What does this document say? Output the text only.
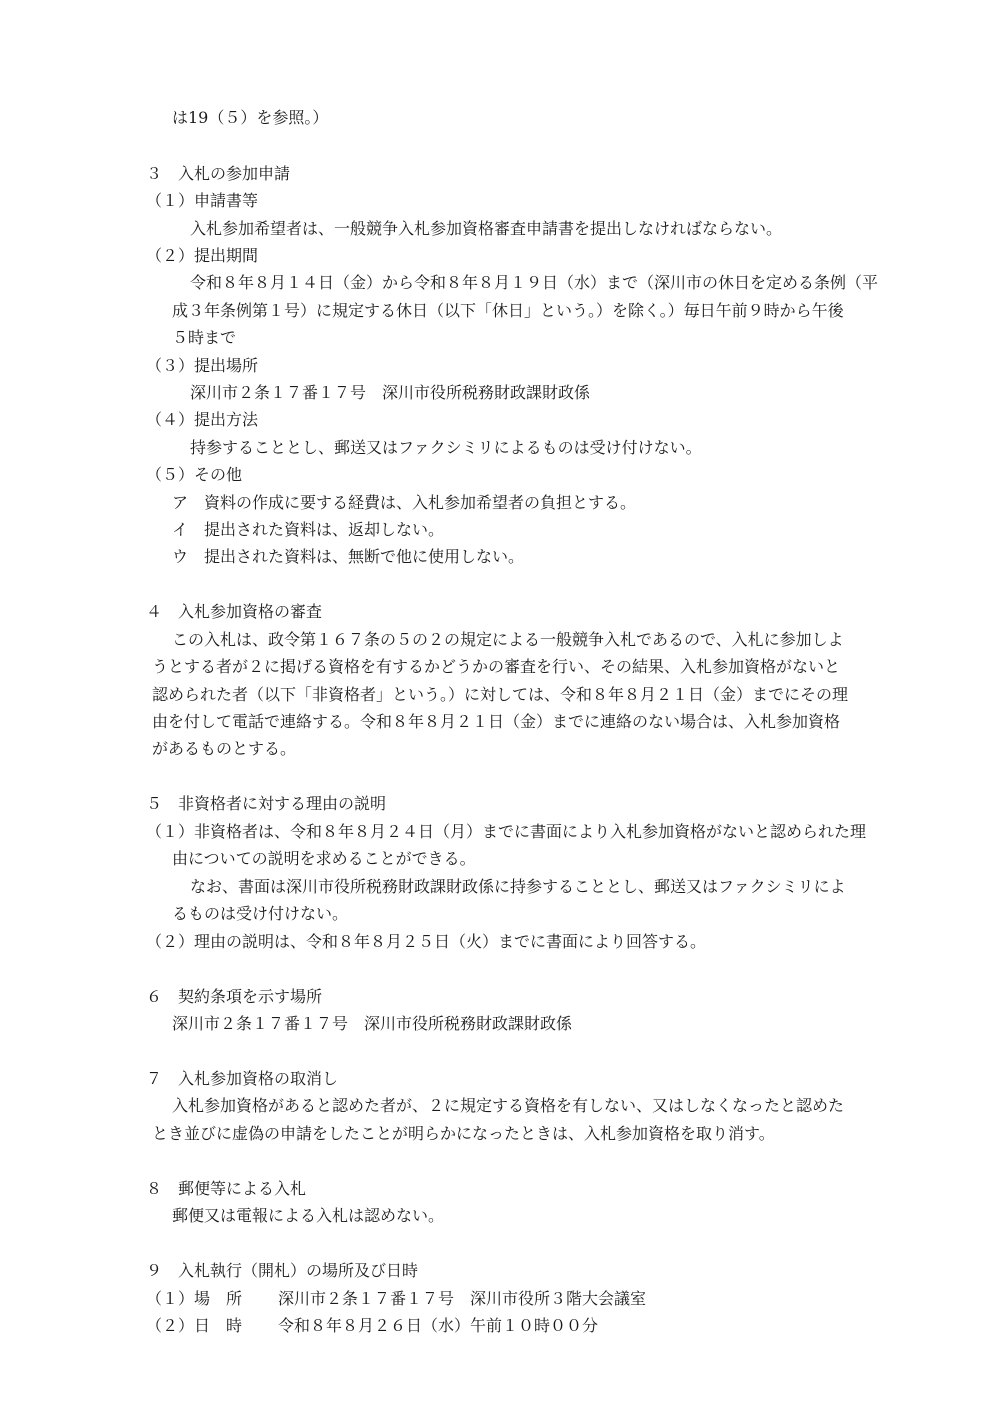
は19（５）を参照。）
３　入札の参加申請
（１）申請書等
入札参加希望者は、一般競争入札参加資格審査申請書を提出しなければならない。
（２）提出期間
令和８年８月１４日（金）から令和８年８月１９日（水）まで（深川市の休日を定める条例（平
成３年条例第１号）に規定する休日（以下「休日」という。）を除く。）毎日午前９時から午後
５時まで
（３）提出場所
深川市２条１７番１７号　深川市役所税務財政課財政係
（４）提出方法
持参することとし、郵送又はファクシミリによるものは受け付けない。
（５）その他
ア　資料の作成に要する経費は、入札参加希望者の負担とする。
イ　提出された資料は、返却しない。
ウ　提出された資料は、無断で他に使用しない。
４　入札参加資格の審査
この入札は、政令第１６７条の５の２の規定による一般競争入札であるので、入札に参加しよ
うとする者が２に掲げる資格を有するかどうかの審査を行い、その結果、入札参加資格がないと
認められた者（以下「非資格者」という。）に対しては、令和８年８月２１日（金）までにその理
由を付して電話で連絡する。令和８年８月２１日（金）までに連絡のない場合は、入札参加資格
があるものとする。
５　非資格者に対する理由の説明
（１）非資格者は、令和８年８月２４日（月）までに書面により入札参加資格がないと認められた理
由についての説明を求めることができる。
なお、書面は深川市役所税務財政課財政係に持参することとし、郵送又はファクシミリによ
るものは受け付けない。
（２）理由の説明は、令和８年８月２５日（火）までに書面により回答する。
６　契約条項を示す場所
深川市２条１７番１７号　深川市役所税務財政課財政係
７　入札参加資格の取消し
入札参加資格があると認めた者が、２に規定する資格を有しない、又はしなくなったと認めた
とき並びに虚偽の申請をしたことが明らかになったときは、入札参加資格を取り消す。
８　郵便等による入札
郵便又は電報による入札は認めない。
９　入札執行（開札）の場所及び日時
（１）場　所 深川市２条１７番１７号　深川市役所３階大会議室
（２）日　時 令和８年８月２６日（水）午前１０時００分
